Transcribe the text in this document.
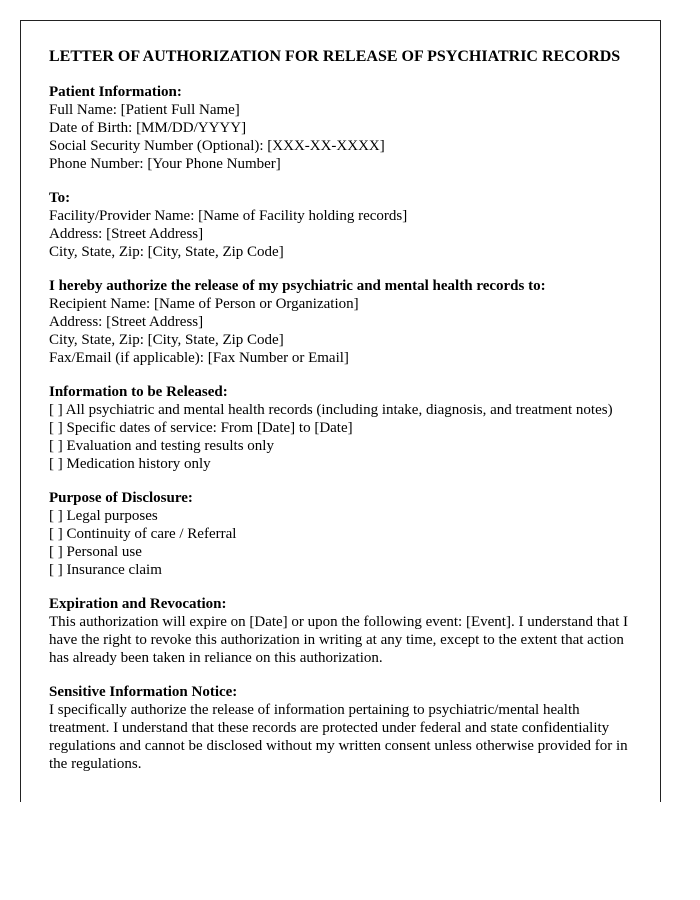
LETTER OF AUTHORIZATION FOR RELEASE OF PSYCHIATRIC RECORDS
Patient Information:
Full Name: [Patient Full Name]
Date of Birth: [MM/DD/YYYY]
Social Security Number (Optional): [XXX-XX-XXXX]
Phone Number: [Your Phone Number]
To:
Facility/Provider Name: [Name of Facility holding records]
Address: [Street Address]
City, State, Zip: [City, State, Zip Code]
I hereby authorize the release of my psychiatric and mental health records to:
Recipient Name: [Name of Person or Organization]
Address: [Street Address]
City, State, Zip: [City, State, Zip Code]
Fax/Email (if applicable): [Fax Number or Email]
Information to be Released:
[ ] All psychiatric and mental health records (including intake, diagnosis, and treatment notes)
[ ] Specific dates of service: From [Date] to [Date]
[ ] Evaluation and testing results only
[ ] Medication history only
Purpose of Disclosure:
[ ] Legal purposes
[ ] Continuity of care / Referral
[ ] Personal use
[ ] Insurance claim
Expiration and Revocation:
This authorization will expire on [Date] or upon the following event: [Event]. I understand that I have the right to revoke this authorization in writing at any time, except to the extent that action has already been taken in reliance on this authorization.
Sensitive Information Notice:
I specifically authorize the release of information pertaining to psychiatric/mental health treatment. I understand that these records are protected under federal and state confidentiality regulations and cannot be disclosed without my written consent unless otherwise provided for in the regulations.
